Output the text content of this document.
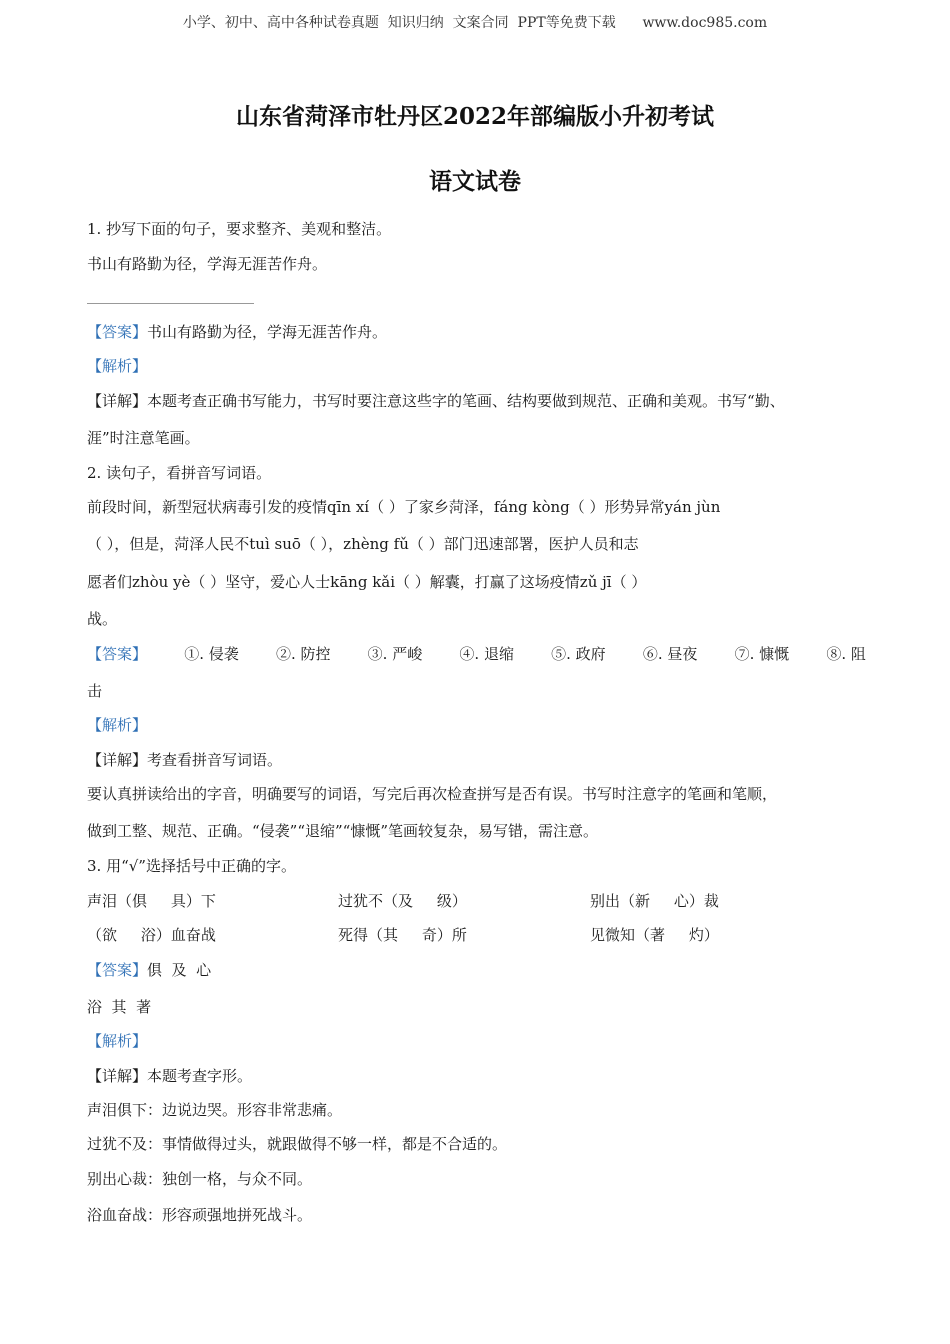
小学、初中、高中各种试卷真题  知识归纳  文案合同  PPT等免费下载      www.doc985.com
山东省菏泽市牡丹区2022年部编版小升初考试
语文试卷
1. 抄写下面的句子，要求整齐、美观和整洁。
书山有路勤为径，学海无涯苦作舟。
【答案】书山有路勤为径，学海无涯苦作舟。
【解析】
【详解】本题考查正确书写能力，书写时要注意这些字的笔画、结构要做到规范、正确和美观。书写“勤、
涯”时注意笔画。
2. 读句子，看拼音写词语。
前段时间，新型冠状病毒引发的疫情qīn xí（ ）了家乡菏泽，fáng kòng（ ）形势异常yán jùn
（ ），但是，菏泽人民不tuì suō（ ），zhèng fǔ（ ）部门迅速部署，医护人员和志
愿者们zhòu yè（ ）坚守，爱心人士kāng kǎi（ ）解囊，打赢了这场疫情zǔ jī（ ）
战。
【答案】 ①. 侵袭 ②. 防控 ③. 严峻 ④. 退缩 ⑤. 政府 ⑥. 昼夜 ⑦. 慷慨 ⑧. 阻
击
【解析】
【详解】考查看拼音写词语。
要认真拼读给出的字音，明确要写的词语，写完后再次检查拼写是否有误。书写时注意字的笔画和笔顺，
做到工整、规范、正确。“侵袭”“退缩”“慷慨”笔画较复杂，易写错，需注意。
3. 用“√”选择括号中正确的字。
声泪（俱     具）下	过犹不（及     级）	别出（新     心）裁
（欲     浴）血奋战	死得（其     奇）所	见微知（著     灼）
【答案】俱  及  心
浴  其  著
【解析】
【详解】本题考查字形。
声泪俱下：边说边哭。形容非常悲痛。
过犹不及：事情做得过头，就跟做得不够一样，都是不合适的。
别出心裁：独创一格，与众不同。
浴血奋战：形容顽强地拼死战斗。
